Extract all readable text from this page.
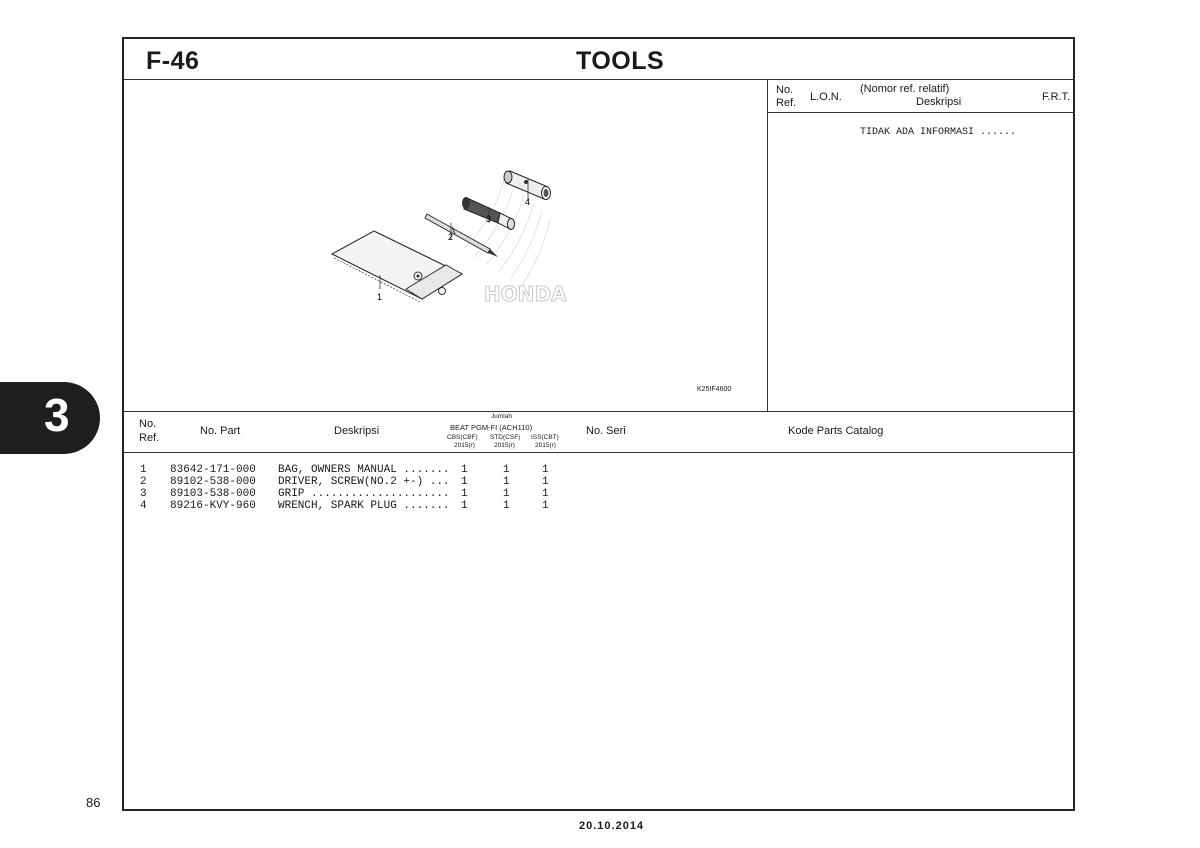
3
86
20.10.2014
F-46	TOOLS
No.
Ref. L.O.N.
(Nomor ref. relatif)
Deskripsi	F.R.T.
TIDAK ADA INFORMASI ......
HONDA
1
2
3
4
K25IF4600
No.
Ref.
No. Part	Deskripsi
Jumlah
BEAT PGM-FI (ACH110)
CBS(CBF) STD(CSF) ISS(CBT)
2015(r)	2015(r)	2015(r)
No. Seri	Kode Parts Catalog
1 83642-171-000 BAG, OWNERS MANUAL ....... 1	1	1
2 89102-538-000 DRIVER, SCREW(NO.2 +-) ... 1	1	1
3 89103-538-000 GRIP ..................... 1	1	1
4 89216-KVY-960 WRENCH, SPARK PLUG ....... 1	1	1
